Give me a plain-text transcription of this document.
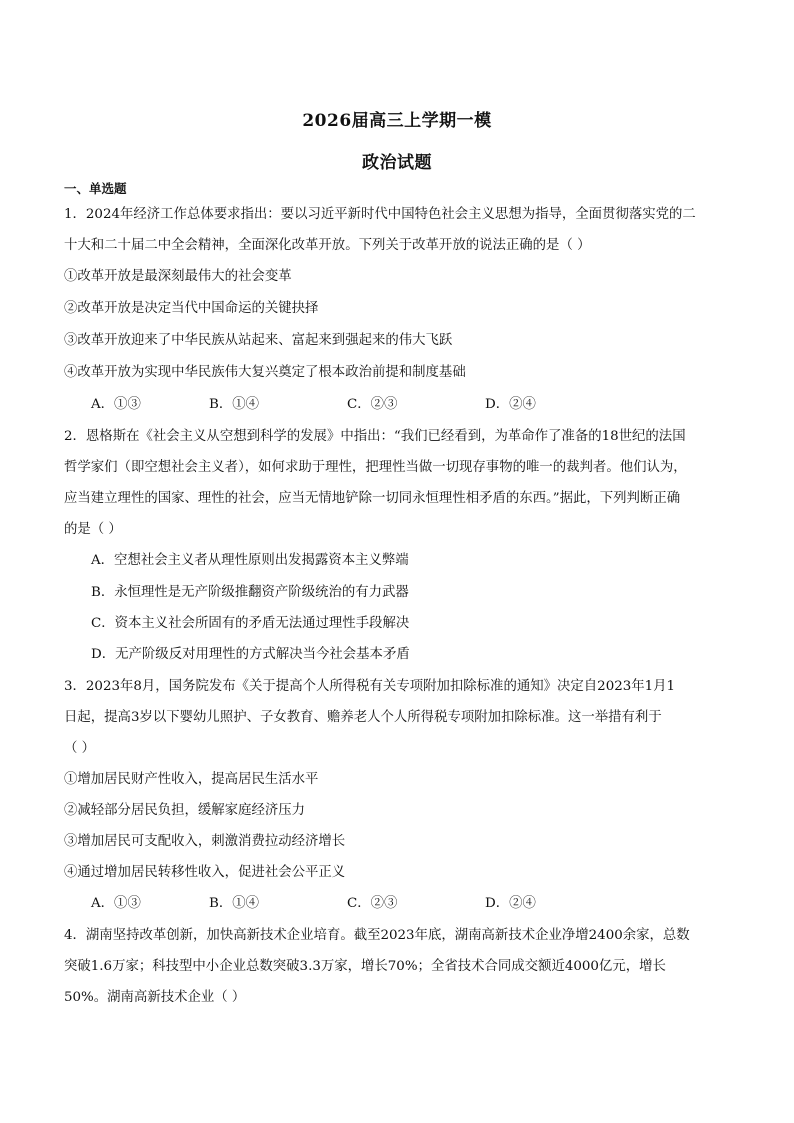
2026届高三上学期一模
政治试题
一、单选题
1．2024年经济工作总体要求指出：要以习近平新时代中国特色社会主义思想为指导，全面贯彻落实党的二
十大和二十届二中全会精神，全面深化改革开放。下列关于改革开放的说法正确的是（ ）
①改革开放是最深刻最伟大的社会变革
②改革开放是决定当代中国命运的关键抉择
③改革开放迎来了中华民族从站起来、富起来到强起来的伟大飞跃
④改革开放为实现中华民族伟大复兴奠定了根本政治前提和制度基础
A．①③	B．①④	C．②③	D．②④
2．恩格斯在《社会主义从空想到科学的发展》中指出：“我们已经看到，为革命作了准备的18世纪的法国
哲学家们（即空想社会主义者），如何求助于理性，把理性当做一切现存事物的唯一的裁判者。他们认为，
应当建立理性的国家、理性的社会，应当无情地铲除一切同永恒理性相矛盾的东西。”据此，下列判断正确
的是（ ）
A．空想社会主义者从理性原则出发揭露资本主义弊端
B．永恒理性是无产阶级推翻资产阶级统治的有力武器
C．资本主义社会所固有的矛盾无法通过理性手段解决
D．无产阶级反对用理性的方式解决当今社会基本矛盾
3．2023年8月，国务院发布《关于提高个人所得税有关专项附加扣除标准的通知》决定自2023年1月1
日起，提高3岁以下婴幼儿照护、子女教育、赡养老人个人所得税专项附加扣除标准。这一举措有利于
（ ）
①增加居民财产性收入，提高居民生活水平
②减轻部分居民负担，缓解家庭经济压力
③增加居民可支配收入，刺激消费拉动经济增长
④通过增加居民转移性收入，促进社会公平正义
A．①③	B．①④	C．②③	D．②④
4．湖南坚持改革创新，加快高新技术企业培育。截至2023年底，湖南高新技术企业净增2400余家，总数
突破1.6万家；科技型中小企业总数突破3.3万家，增长70%；全省技术合同成交额近4000亿元，增长
50%。湖南高新技术企业（ ）
